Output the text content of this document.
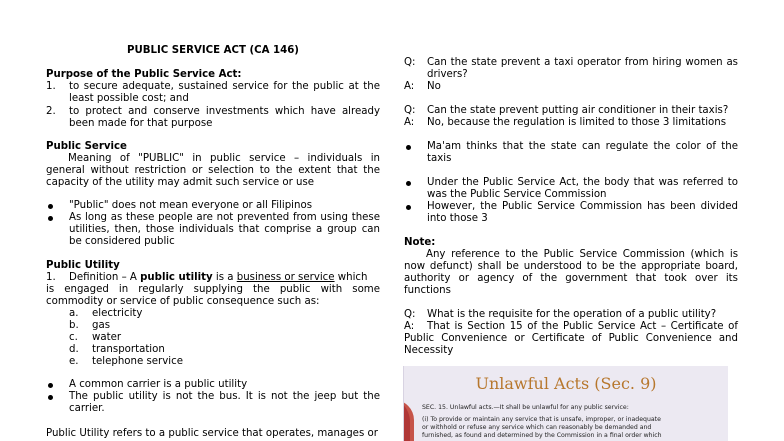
PUBLIC SERVICE ACT (CA 146)
Purpose of the Public Service Act:
1. to secure adequate, sustained service for the public at the
least possible cost; and
2. to protect and conserve investments which have already
been made for that purpose
Public Service
Meaning of "PUBLIC" in public service – individuals in
general without restriction or selection to the extent that the
capacity of the utility may admit such service or use
"Public" does not mean everyone or all Filipinos
As long as these people are not prevented from using these
utilities, then, those individuals that comprise a group can
be considered public
Public Utility
1. Definition – A public utility is a business or service which
is engaged in regularly supplying the public with some
commodity or service of public consequence such as:
a. electricity
b. gas
c. water
d. transportation
e. telephone service
A common carrier is a public utility
The public utility is not the bus. It is not the jeep but the
carrier.
Public Utility refers to a public service that operates, manages or
Q: Can the state prevent a taxi operator from hiring women as
drivers?
A: No
Q: Can the state prevent putting air conditioner in their taxis?
A: No, because the regulation is limited to those 3 limitations
Ma'am thinks that the state can regulate the color of the
taxis
Under the Public Service Act, the body that was referred to
was the Public Service Commission
However, the Public Service Commission has been divided
into those 3
Note:
Any reference to the Public Service Commission (which is
now defunct) shall be understood to be the appropriate board,
authority or agency of the government that took over its
functions
Q: What is the requisite for the operation of a public utility?
A: That is Section 15 of the Public Service Act – Certificate of
Public Convenience or Certificate of Public Convenience and
Necessity
Unlawful Acts (Sec. 9)
SEC. 15. Unlawful acts.—It shall be unlawful for any public service:
(i) To provide or maintain any service that is unsafe, improper, or inadequate
or withhold or refuse any service which can reasonably be demanded and
furnished, as found and determined by the Commission in a final order which
